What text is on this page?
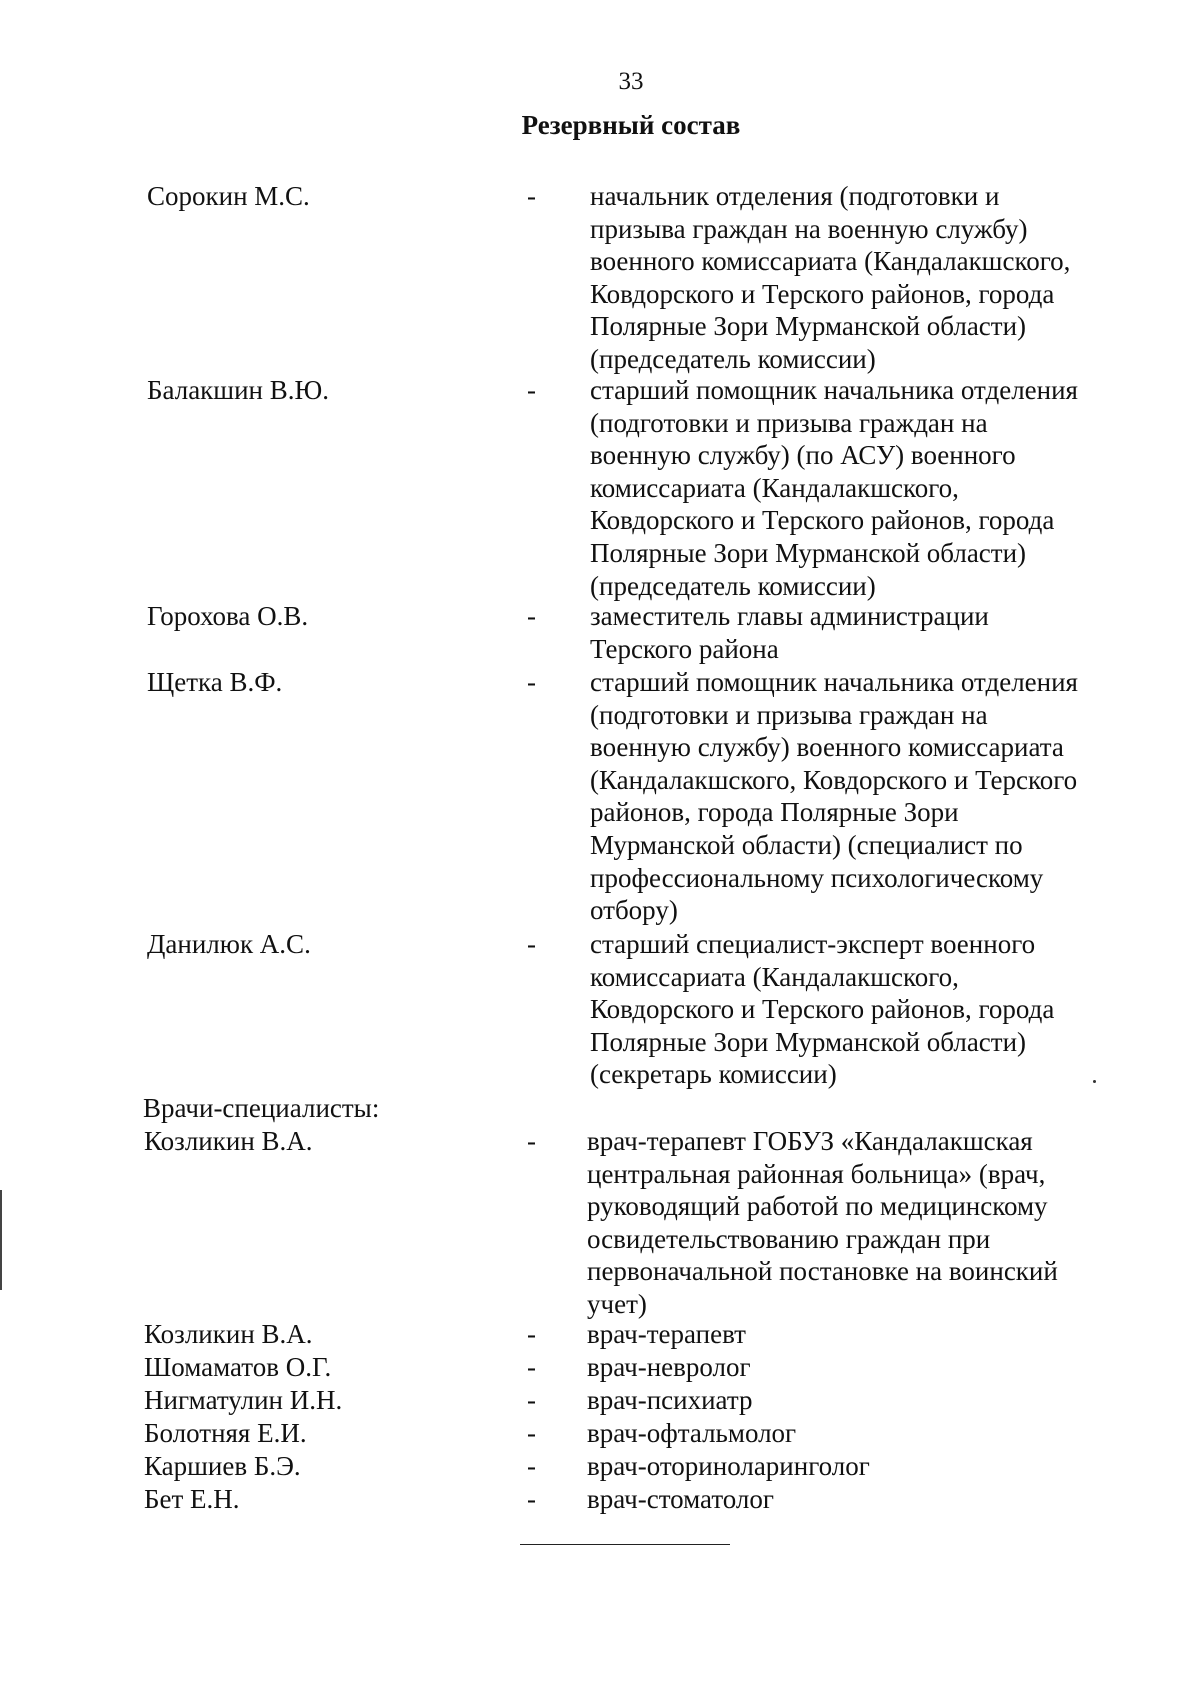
33
Резервный состав
Сорокин М.С.	- начальник отделения (подготовки и
призыва граждан на военную службу)
военного комиссариата (Кандалакшского,
Ковдорского и Терского районов, города
Полярные Зори Мурманской области)
(председатель комиссии)
Балакшин В.Ю.	- старший помощник начальника отделения
(подготовки и призыва граждан на
военную службу) (по АСУ) военного
комиссариата (Кандалакшского,
Ковдорского и Терского районов, города
Полярные Зори Мурманской области)
(председатель комиссии)
Горохова О.В.	- заместитель главы администрации
Терского района
Щетка В.Ф.	- старший помощник начальника отделения
(подготовки и призыва граждан на
военную службу) военного комиссариата
(Кандалакшского, Ковдорского и Терского
районов, города Полярные Зори
Мурманской области) (специалист по
профессиональному психологическому
отбору)
Данилюк А.С.	- старший специалист-эксперт военного
комиссариата (Кандалакшского,
Ковдорского и Терского районов, города
Полярные Зори Мурманской области)
(секретарь комиссии)
Козликин В.А.	- врач-терапевт ГОБУЗ «Кандалакшская
центральная районная больница» (врач,
руководящий работой по медицинскому
освидетельствованию граждан при
первоначальной постановке на воинский
учет)
Козликин В.А.	- врач-терапевт
Шомаматов О.Г.	- врач-невролог
Нигматулин И.Н.	- врач-психиатр
Болотняя Е.И.	- врач-офтальмолог
Каршиев Б.Э.	- врач-оториноларинголог
Бет Е.Н.	- врач-стоматолог
Врачи-специалисты:
